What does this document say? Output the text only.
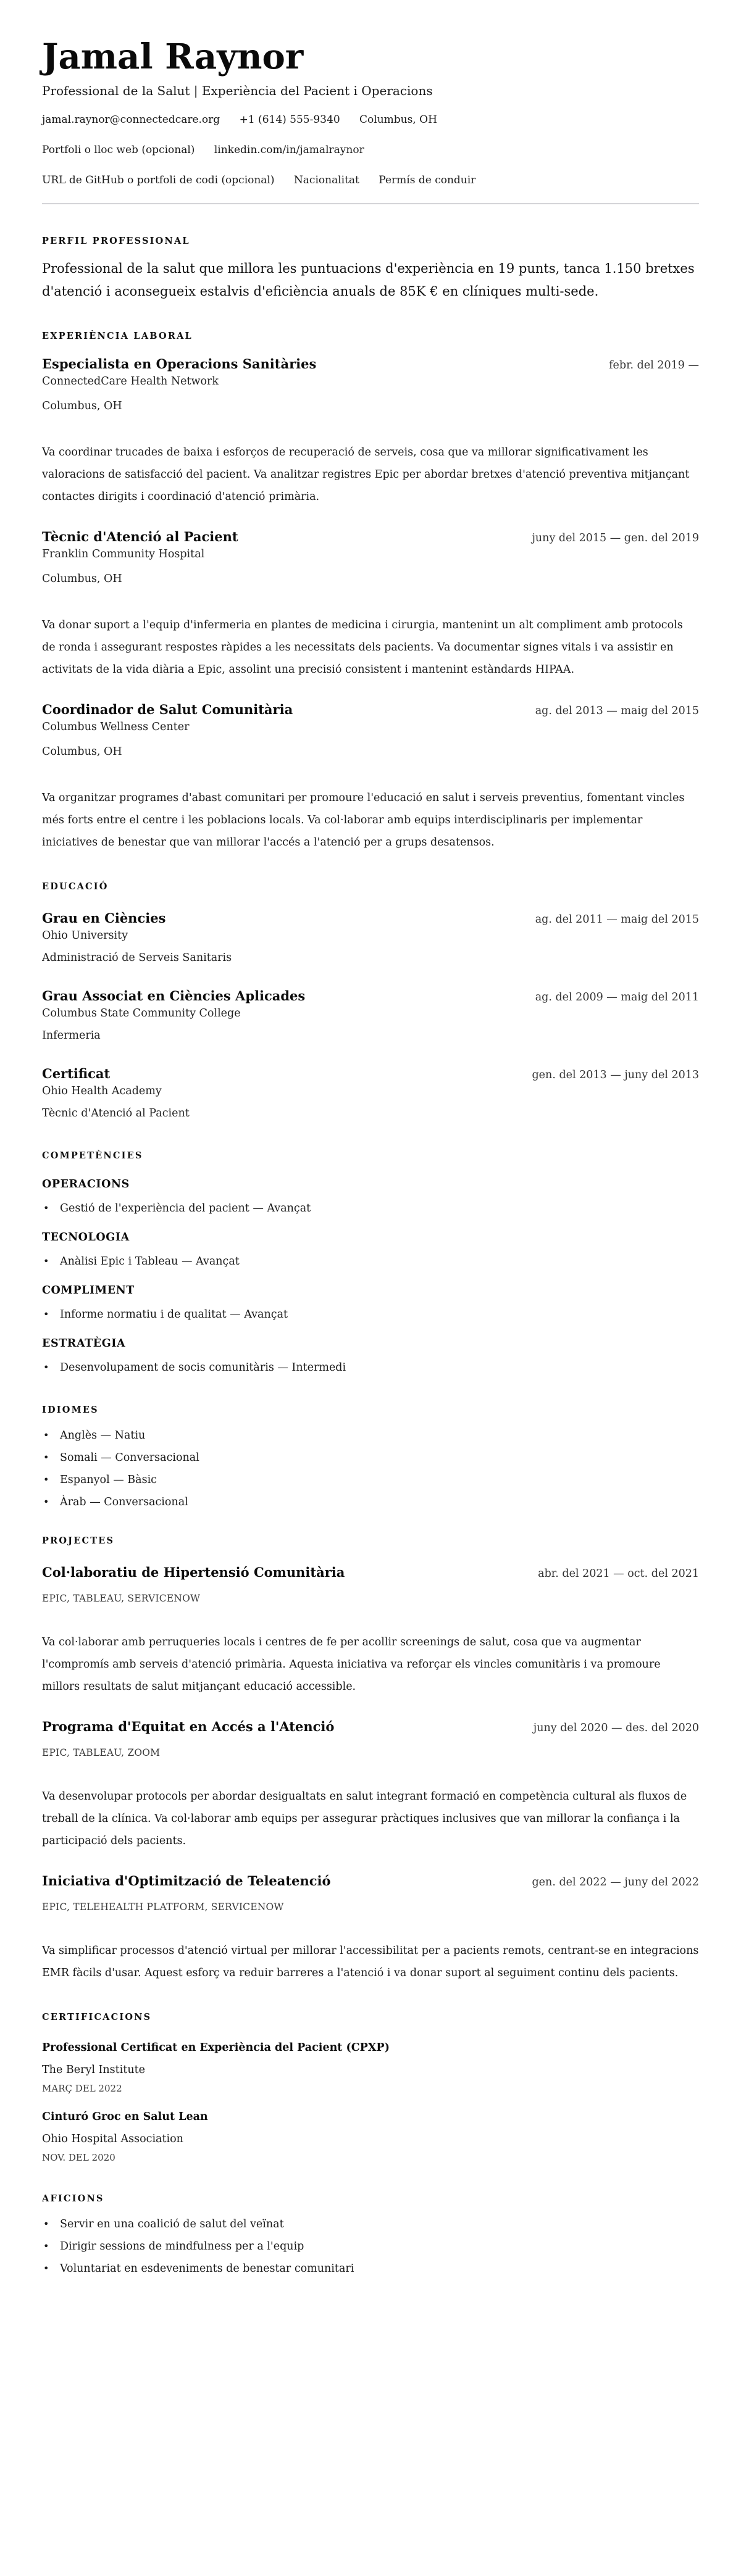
Jamal Raynor
Professional de la Salut | Experiència del Pacient i Operacions
jamal.raynor@connectedcare.org +1 (614) 555-9340 Columbus, OH
Portfoli o lloc web (opcional) linkedin.com/in/jamalraynor
URL de GitHub o portfoli de codi (opcional) Nacionalitat Permís de conduir
PERFIL PROFESSIONAL

Professional de la salut que millora les puntuacions d'experiència en 19 punts, tanca 1.150 bretxes d'atenció i aconsegueix estalvis d'eficiència anuals de 85K € en clíniques multi-sede.

EXPERIÈNCIA LABORAL
Especialista en Operacions Sanitàries	febr. del 2019 —
ConnectedCare Health Network
Columbus, OH

Va coordinar trucades de baixa i esforços de recuperació de serveis, cosa que va millorar significativament les valoracions de satisfacció del pacient. Va analitzar registres Epic per abordar bretxes d'atenció preventiva mitjançant contactes dirigits i coordinació d'atenció primària.

Tècnic d'Atenció al Pacient	juny del 2015 — gen. del 2019
Franklin Community Hospital
Columbus, OH

Va donar suport a l'equip d'infermeria en plantes de medicina i cirurgia, mantenint un alt compliment amb protocols de ronda i assegurant respostes ràpides a les necessitats dels pacients. Va documentar signes vitals i va assistir en activitats de la vida diària a Epic, assolint una precisió consistent i mantenint estàndards HIPAA.

Coordinador de Salut Comunitària	ag. del 2013 — maig del 2015
Columbus Wellness Center
Columbus, OH

Va organitzar programes d'abast comunitari per promoure l'educació en salut i serveis preventius, fomentant vincles més forts entre el centre i les poblacions locals. Va col·laborar amb equips interdisciplinaris per implementar iniciatives de benestar que van millorar l'accés a l'atenció per a grups desatensos.

EDUCACIÓ
Grau en Ciències	ag. del 2011 — maig del 2015
Ohio University
Administració de Serveis Sanitaris
Grau Associat en Ciències Aplicades	ag. del 2009 — maig del 2011
Columbus State Community College
Infermeria
Certificat	gen. del 2013 — juny del 2013
Ohio Health Academy
Tècnic d'Atenció al Pacient
COMPETÈNCIES
OPERACIONS
• Gestió de l'experiència del pacient — Avançat
TECNOLOGIA
• Anàlisi Epic i Tableau — Avançat
COMPLIMENT
• Informe normatiu i de qualitat — Avançat
ESTRATÈGIA
• Desenvolupament de socis comunitàris — Intermedi
IDIOMES
• Anglès — Natiu
• Somali — Conversacional
• Espanyol — Bàsic
• Àrab — Conversacional
PROJECTES
Col·laboratiu de Hipertensió Comunitària	abr. del 2021 — oct. del 2021
EPIC, TABLEAU, SERVICENOW

Va col·laborar amb perruqueries locals i centres de fe per acollir screenings de salut, cosa que va augmentar l'compromís amb serveis d'atenció primària. Aquesta iniciativa va reforçar els vincles comunitàris i va promoure millors resultats de salut mitjançant educació accessible.

Programa d'Equitat en Accés a l'Atenció	juny del 2020 — des. del 2020
EPIC, TABLEAU, ZOOM

Va desenvolupar protocols per abordar desigualtats en salut integrant formació en competència cultural als fluxos de treball de la clínica. Va col·laborar amb equips per assegurar pràctiques inclusives que van millorar la confiança i la participació dels pacients.

Iniciativa d'Optimització de Teleatenció	gen. del 2022 — juny del 2022
EPIC, TELEHEALTH PLATFORM, SERVICENOW

Va simplificar processos d'atenció virtual per millorar l'accessibilitat per a pacients remots, centrant-se en integracions EMR fàcils d'usar. Aquest esforç va reduir barreres a l'atenció i va donar suport al seguiment continu dels pacients.

CERTIFICACIONS
Professional Certificat en Experiència del Pacient (CPXP)
The Beryl Institute
MARÇ DEL 2022
Cinturó Groc en Salut Lean
Ohio Hospital Association
NOV. DEL 2020
AFICIONS
• Servir en una coalició de salut del veïnat
• Dirigir sessions de mindfulness per a l'equip
• Voluntariat en esdeveniments de benestar comunitari
